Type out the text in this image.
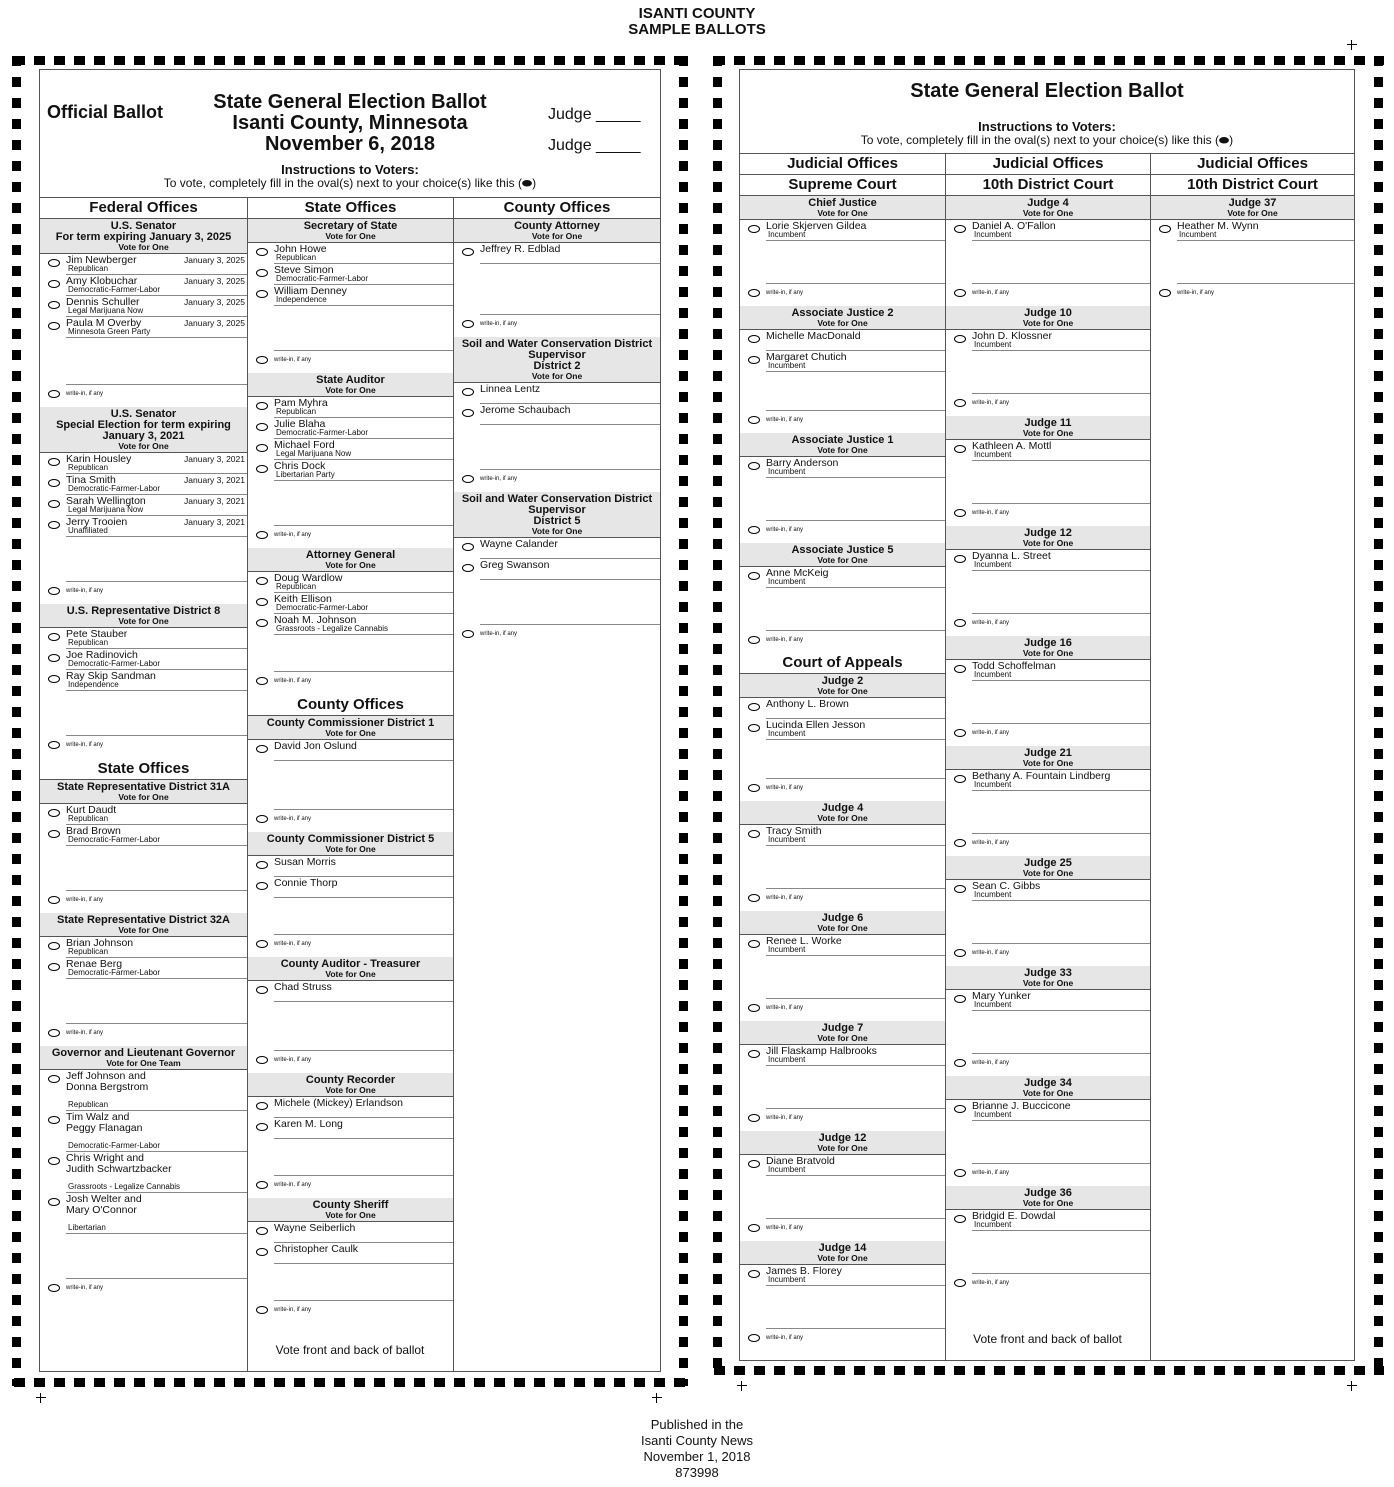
ISANTI COUNTY
SAMPLE BALLOTS
Official Ballot	State General Election Ballot
Isanti County, Minnesota
November 6, 2018
Judge _____
Judge _____
Instructions to Voters:
To vote, completely fill in the oval(s) next to your choice(s) like this (⬬)
Federal Offices
U.S. Senator
For term expiring January 3, 2025
Vote for One
Jim Newberger
Republican
January 3, 2025
Amy Klobuchar
Democratic-Farmer-Labor
January 3, 2025
Dennis Schuller
Legal Marijuana Now
January 3, 2025
Paula M Overby
Minnesota Green Party
January 3, 2025
write-in, if any
U.S. Senator
Special Election for term expiring
January 3, 2021
Vote for One
Karin Housley
Republican
January 3, 2021
Tina Smith
Democratic-Farmer-Labor
January 3, 2021
Sarah Wellington
Legal Marijuana Now
January 3, 2021
Jerry Trooien
Unaffiliated
January 3, 2021
write-in, if any
U.S. Representative District 8
Vote for One
Pete Stauber
Republican
Joe Radinovich
Democratic-Farmer-Labor
Ray Skip Sandman
Independence
write-in, if any
State Offices
State Representative District 31A
Vote for One
Kurt Daudt
Republican
Brad Brown
Democratic-Farmer-Labor
write-in, if any
State Representative District 32A
Vote for One
Brian Johnson
Republican
Renae Berg
Democratic-Farmer-Labor
write-in, if any
Governor and Lieutenant Governor
Vote for One Team
Jeff Johnson and
Donna Bergstrom
Republican
Tim Walz and
Peggy Flanagan
Democratic-Farmer-Labor
Chris Wright and
Judith Schwartzbacker
Grassroots - Legalize Cannabis
Josh Welter and
Mary O'Connor
Libertarian
write-in, if any
State Offices
Secretary of State
Vote for One
John Howe
Republican
Steve Simon
Democratic-Farmer-Labor
William Denney
Independence
write-in, if any
State Auditor
Vote for One
Pam Myhra
Republican
Julie Blaha
Democratic-Farmer-Labor
Michael Ford
Legal Marijuana Now
Chris Dock
Libertarian Party
write-in, if any
Attorney General
Vote for One
Doug Wardlow
Republican
Keith Ellison
Democratic-Farmer-Labor
Noah M. Johnson
Grassroots - Legalize Cannabis
write-in, if any
County Offices
County Commissioner District 1
Vote for One
David Jon Oslund
write-in, if any
County Commissioner District 5
Vote for One
Susan Morris
Connie Thorp
write-in, if any
County Auditor - Treasurer
Vote for One
Chad Struss
write-in, if any
County Recorder
Vote for One
Michele (Mickey) Erlandson
Karen M. Long
write-in, if any
County Sheriff
Vote for One
Wayne Seiberlich
Christopher Caulk
write-in, if any
County Offices
County Attorney
Vote for One
Jeffrey R. Edblad
write-in, if any
Soil and Water Conservation District
Supervisor
District 2
Vote for One
Linnea Lentz
Jerome Schaubach
write-in, if any
Soil and Water Conservation District
Supervisor
District 5
Vote for One
Wayne Calander
Greg Swanson
write-in, if any
Vote front and back of ballot
State General Election Ballot
Instructions to Voters:
To vote, completely fill in the oval(s) next to your choice(s) like this (⬬)
Judicial Offices
Supreme Court
Chief Justice
Vote for One
Lorie Skjerven Gildea
Incumbent
write-in, if any
Associate Justice 2
Vote for One
Michelle MacDonald
Margaret Chutich
Incumbent
write-in, if any
Associate Justice 1
Vote for One
Barry Anderson
Incumbent
write-in, if any
Associate Justice 5
Vote for One
Anne McKeig
Incumbent
write-in, if any
Court of Appeals
Judge 2
Vote for One
Anthony L. Brown
Lucinda Ellen Jesson
Incumbent
write-in, if any
Judge 4
Vote for One
Tracy Smith
Incumbent
write-in, if any
Judge 6
Vote for One
Renee L. Worke
Incumbent
write-in, if any
Judge 7
Vote for One
Jill Flaskamp Halbrooks
Incumbent
write-in, if any
Judge 12
Vote for One
Diane Bratvold
Incumbent
write-in, if any
Judge 14
Vote for One
James B. Florey
Incumbent
write-in, if any
Judicial Offices
10th District Court
Judge 4
Vote for One
Daniel A. O'Fallon
Incumbent
write-in, if any
Judge 10
Vote for One
John D. Klossner
Incumbent
write-in, if any
Judge 11
Vote for One
Kathleen A. Mottl
Incumbent
write-in, if any
Judge 12
Vote for One
Dyanna L. Street
Incumbent
write-in, if any
Judge 16
Vote for One
Todd Schoffelman
Incumbent
write-in, if any
Judge 21
Vote for One
Bethany A. Fountain Lindberg
Incumbent
write-in, if any
Judge 25
Vote for One
Sean C. Gibbs
Incumbent
write-in, if any
Judge 33
Vote for One
Mary Yunker
Incumbent
write-in, if any
Judge 34
Vote for One
Brianne J. Buccicone
Incumbent
write-in, if any
Judge 36
Vote for One
Bridgid E. Dowdal
Incumbent
write-in, if any
Judicial Offices
10th District Court
Judge 37
Vote for One
Heather M. Wynn
Incumbent
write-in, if any
Vote front and back of ballot
Published in the
Isanti County News
November 1, 2018
873998
